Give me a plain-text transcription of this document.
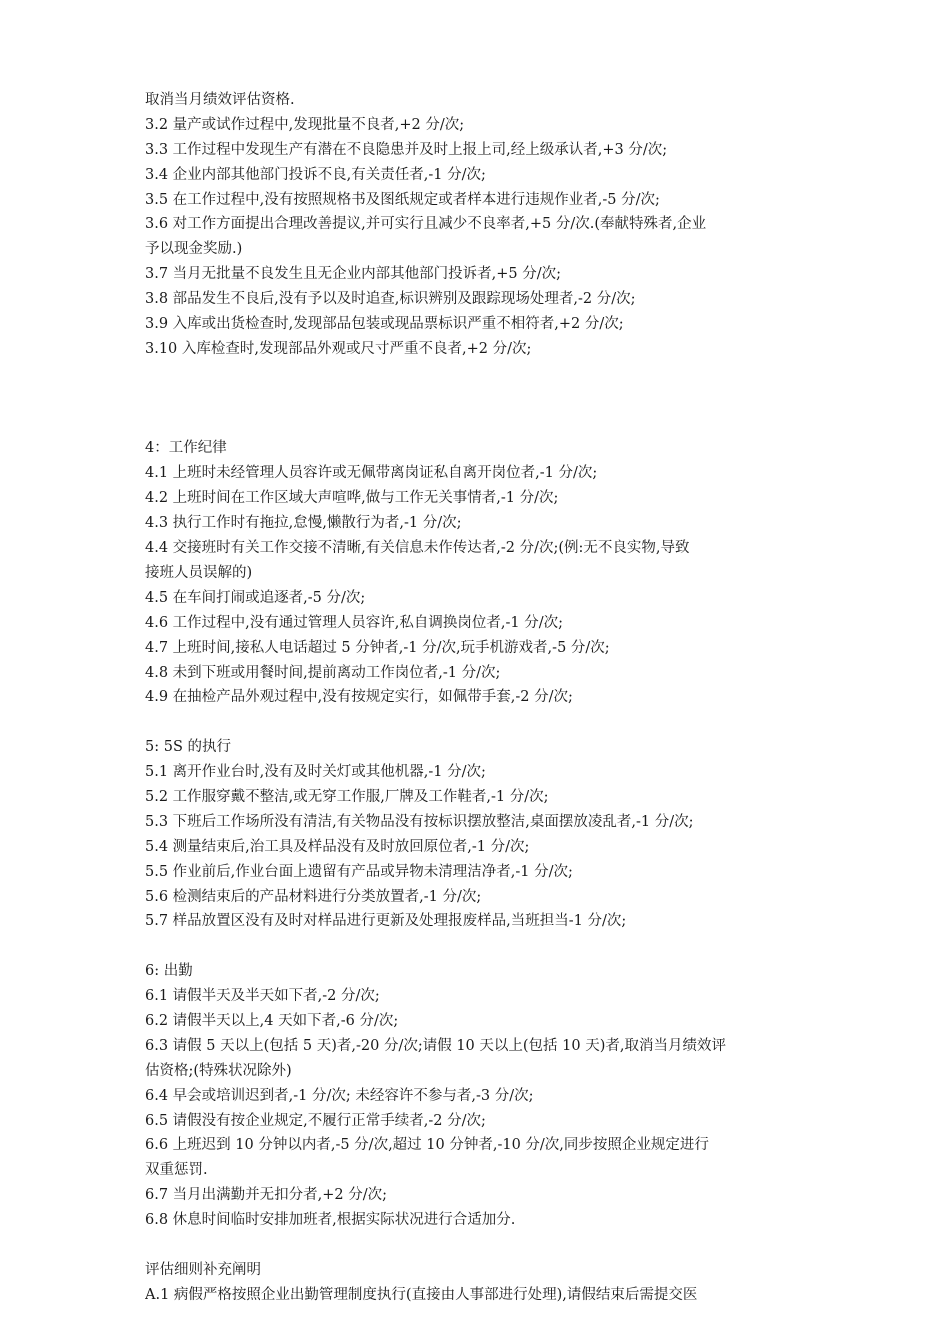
取消当月绩效评估资格.
3.2 量产或试作过程中,发现批量不良者,+2 分/次;
3.3 工作过程中发现生产有潜在不良隐患并及时上报上司,经上级承认者,+3 分/次;
3.4 企业内部其他部门投诉不良,有关责任者,-1 分/次;
3.5 在工作过程中,没有按照规格书及图纸规定或者样本进行违规作业者,-5 分/次;
3.6 对工作方面提出合理改善提议,并可实行且减少不良率者,+5 分/次.(奉献特殊者,企业
予以现金奖励.)
3.7 当月无批量不良发生且无企业内部其他部门投诉者,+5 分/次;
3.8 部品发生不良后,没有予以及时追查,标识辨别及跟踪现场处理者,-2 分/次;
3.9 入库或出货检查时,发现部品包装或现品票标识严重不相符者,+2 分/次;
3.10 入库检查时,发现部品外观或尺寸严重不良者,+2 分/次;
4：工作纪律
4.1 上班时未经管理人员容许或无佩带离岗证私自离开岗位者,-1 分/次;
4.2 上班时间在工作区域大声喧哗,做与工作无关事情者,-1 分/次;
4.3 执行工作时有拖拉,怠慢,懒散行为者,-1 分/次;
4.4 交接班时有关工作交接不清晰,有关信息未作传达者,-2 分/次;(例:无不良实物,导致
接班人员误解的)
4.5 在车间打闹或追逐者,-5 分/次;
4.6 工作过程中,没有通过管理人员容许,私自调换岗位者,-1 分/次;
4.7 上班时间,接私人电话超过 5 分钟者,-1 分/次,玩手机游戏者,-5 分/次;
4.8 未到下班或用餐时间,提前离动工作岗位者,-1 分/次;
4.9 在抽检产品外观过程中,没有按规定实行，如佩带手套,-2 分/次;
5: 5S 的执行
5.1 离开作业台时,没有及时关灯或其他机器,-1 分/次;
5.2 工作服穿戴不整洁,或无穿工作服,厂牌及工作鞋者,-1 分/次;
5.3 下班后工作场所没有清洁,有关物品没有按标识摆放整洁,桌面摆放凌乱者,-1 分/次;
5.4 测量结束后,治工具及样品没有及时放回原位者,-1 分/次;
5.5 作业前后,作业台面上遗留有产品或异物未清理洁净者,-1 分/次;
5.6 检测结束后的产品材料进行分类放置者,-1 分/次;
5.7 样品放置区没有及时对样品进行更新及处理报废样品,当班担当-1 分/次;
6: 出勤
6.1 请假半天及半天如下者,-2 分/次;
6.2 请假半天以上,4 天如下者,-6 分/次;
6.3 请假 5 天以上(包括 5 天)者,-20 分/次;请假 10 天以上(包括 10 天)者,取消当月绩效评
估资格;(特殊状况除外)
6.4 早会或培训迟到者,-1 分/次; 未经容许不参与者,-3 分/次;
6.5 请假没有按企业规定,不履行正常手续者,-2 分/次;
6.6 上班迟到 10 分钟以内者,-5 分/次,超过 10 分钟者,-10 分/次,同步按照企业规定进行
双重惩罚.
6.7 当月出满勤并无扣分者,+2 分/次;
6.8 休息时间临时安排加班者,根据实际状况进行合适加分.
评估细则补充阐明
A.1 病假严格按照企业出勤管理制度执行(直接由人事部进行处理),请假结束后需提交医
